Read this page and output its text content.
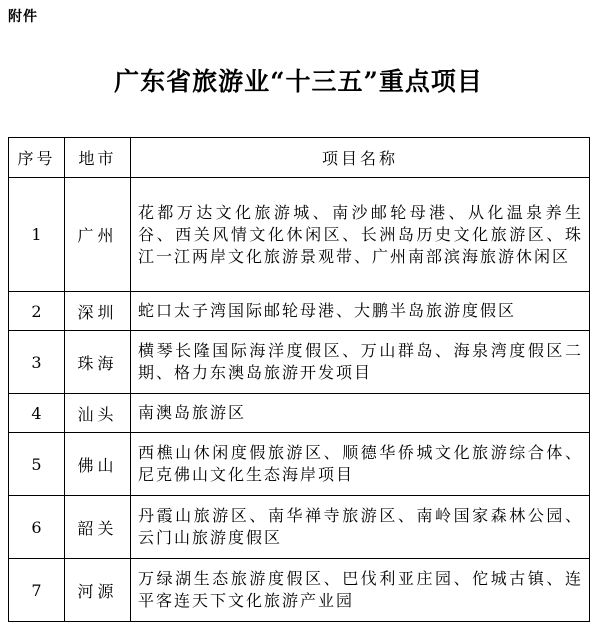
附件
广东省旅游业“十三五”重点项目
序号	地市	项目名称
1	广州	花都万达文化旅游城、南沙邮轮母港、从化温泉养生谷、西关风情文化休闲区、长洲岛历史文化旅游区、珠江一江两岸文化旅游景观带、广州南部滨海旅游休闲区
2	深圳	蛇口太子湾国际邮轮母港、大鹏半岛旅游度假区
3	珠海	横琴长隆国际海洋度假区、万山群岛、海泉湾度假区二期、格力东澳岛旅游开发项目
4	汕头	南澳岛旅游区
5	佛山	西樵山休闲度假旅游区、顺德华侨城文化旅游综合体、尼克佛山文化生态海岸项目
6	韶关	丹霞山旅游区、南华禅寺旅游区、南岭国家森林公园、云门山旅游度假区
7	河源	万绿湖生态旅游度假区、巴伐利亚庄园、佗城古镇、连平客连天下文化旅游产业园
